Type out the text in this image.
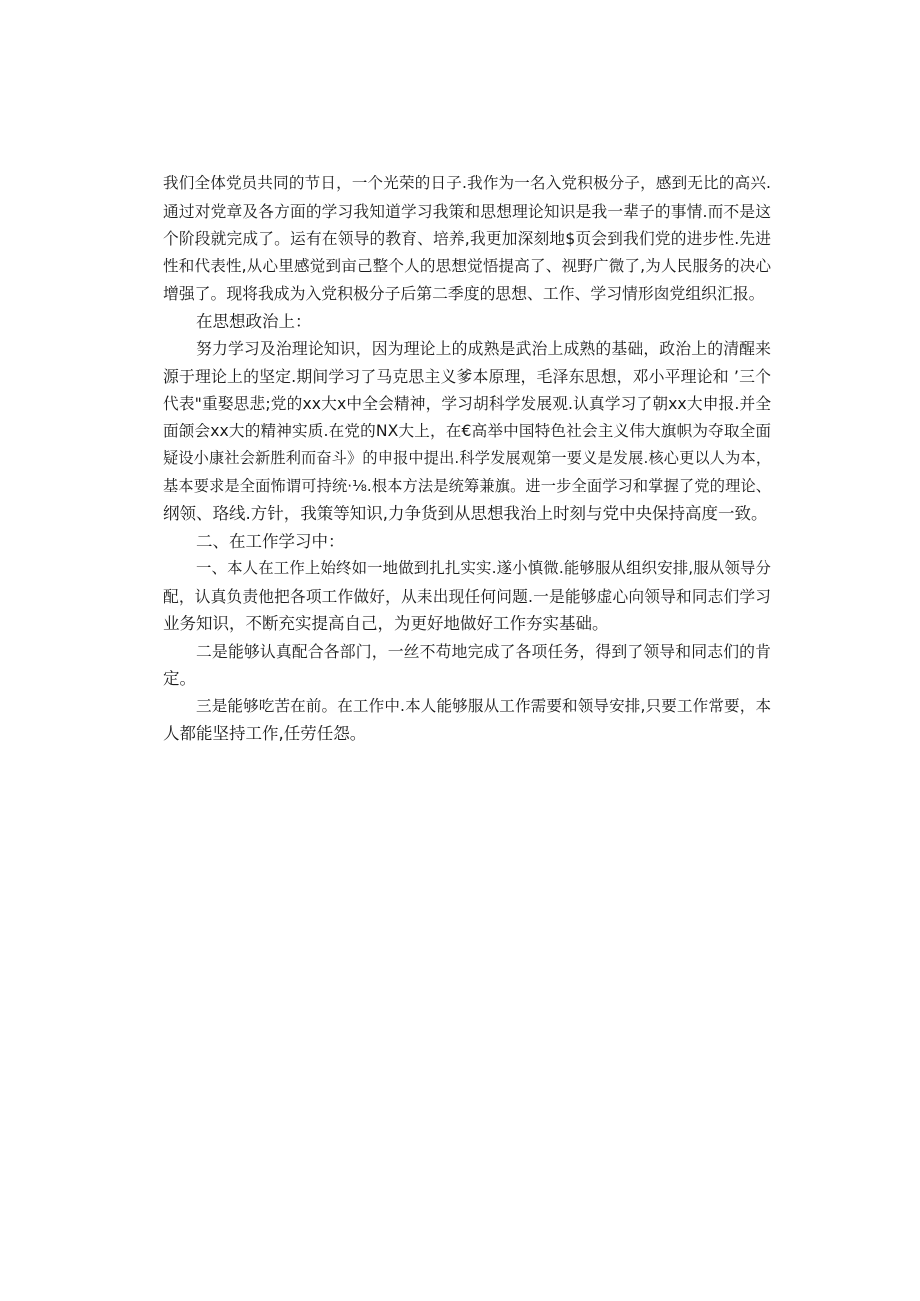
我们全体党员共同的节日，一个光荣的日子.我作为一名入党积极分子，感到无比的高兴.
通过对党章及各方面的学习我知道学习我策和思想理论知识是我一辈子的事情.而不是这
个阶段就完成了。运有在领导的教育、培养,我更加深刻地$页会到我们党的进步性.先进
性和代表性,从心里感觉到亩己整个人的思想觉悟提高了、视野广微了,为人民服务的决心
增强了。现将我成为入党积极分子后第二季度的思想、工作、学习情形囱党组织汇报。
在思想政治上：
努力学习及治理论知识，因为理论上的成熟是武治上成熟的基础，政治上的清醒来
源于理论上的坚定.期间学习了马克思主义爹本原理，毛泽东思想，邓小平理论和 ’三个
代表"重娶思悲;党的xx大x中全会精神，学习胡科学发展观.认真学习了朝xx大申报.并全
面颌会xx大的精神实质.在党的NX大上，在€高举中国特色社会主义伟大旗帜为夺取全面
疑设小康社会新胜利而奋斗》的申报中提出.科学发展观第一要义是发展.核心更以人为本，
基本要求是全面怖谓可持统·⅛.根本方法是统筹兼旗。进一步全面学习和掌握了党的理论、
纲领、珞线.方针，我策等知识,力争货到从思想我治上时刻与党中央保持高度一致。
二、在工作学习中：
一、本人在工作上始终如一地做到扎扎实实.遂小慎微.能够服从组织安排,服从领导分
配，认真负责他把各项工作做好，从耒出现任何问题.一是能够虚心向领导和同志们学习
业务知识，不断充实提高自己，为更好地做好工作夯实基础。
二是能够认真配合各部门，一丝不苟地完成了各项任务，得到了领导和同志们的肯
定。
三是能够吃苦在前。在工作中.本人能够服从工作需要和领导安排,只要工作常要，本
人都能坚持工作,任劳任怨。
